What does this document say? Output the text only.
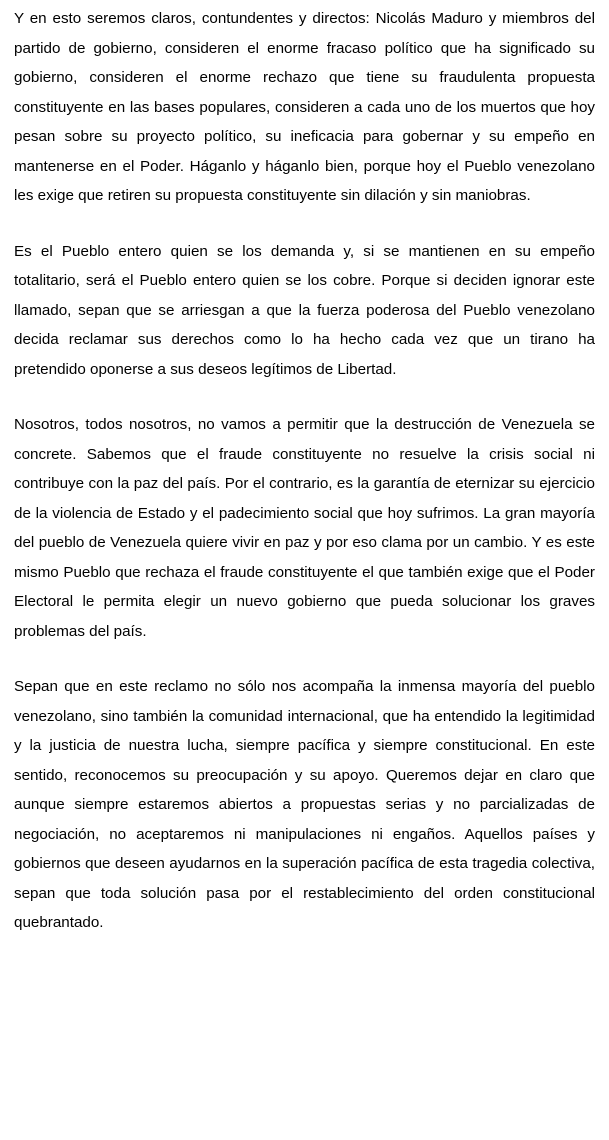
Y en esto seremos claros, contundentes y directos: Nicolás Maduro y miembros del partido de gobierno, consideren el enorme fracaso político que ha significado su gobierno, consideren el enorme rechazo que tiene su fraudulenta propuesta constituyente en las bases populares, consideren a cada uno de los muertos que hoy pesan sobre su proyecto político, su ineficacia para gobernar y su empeño en mantenerse en el Poder. Háganlo y háganlo bien, porque hoy el Pueblo venezolano les exige que retiren su propuesta constituyente sin dilación y sin maniobras.

Es el Pueblo entero quien se los demanda y, si se mantienen en su empeño totalitario, será el Pueblo entero quien se los cobre. Porque si deciden ignorar este llamado, sepan que se arriesgan a que la fuerza poderosa del Pueblo venezolano decida reclamar sus derechos como lo ha hecho cada vez que un tirano ha pretendido oponerse a sus deseos legítimos de Libertad.

Nosotros, todos nosotros, no vamos a permitir que la destrucción de Venezuela se concrete. Sabemos que el fraude constituyente no resuelve la crisis social ni contribuye con la paz del país. Por el contrario, es la garantía de eternizar su ejercicio de la violencia de Estado y el padecimiento social que hoy sufrimos. La gran mayoría del pueblo de Venezuela quiere vivir en paz y por eso clama por un cambio. Y es este mismo Pueblo que rechaza el fraude constituyente el que también exige que el Poder Electoral le permita elegir un nuevo gobierno que pueda solucionar los graves problemas del país.

Sepan que en este reclamo no sólo nos acompaña la inmensa mayoría del pueblo venezolano, sino también la comunidad internacional, que ha entendido la legitimidad y la justicia de nuestra lucha, siempre pacífica y siempre constitucional. En este sentido, reconocemos su preocupación y su apoyo. Queremos dejar en claro que aunque siempre estaremos abiertos a propuestas serias y no parcializadas de negociación, no aceptaremos ni manipulaciones ni engaños. Aquellos países y gobiernos que deseen ayudarnos en la superación pacífica de esta tragedia colectiva, sepan que toda solución pasa por el restablecimiento del orden constitucional quebrantado.
